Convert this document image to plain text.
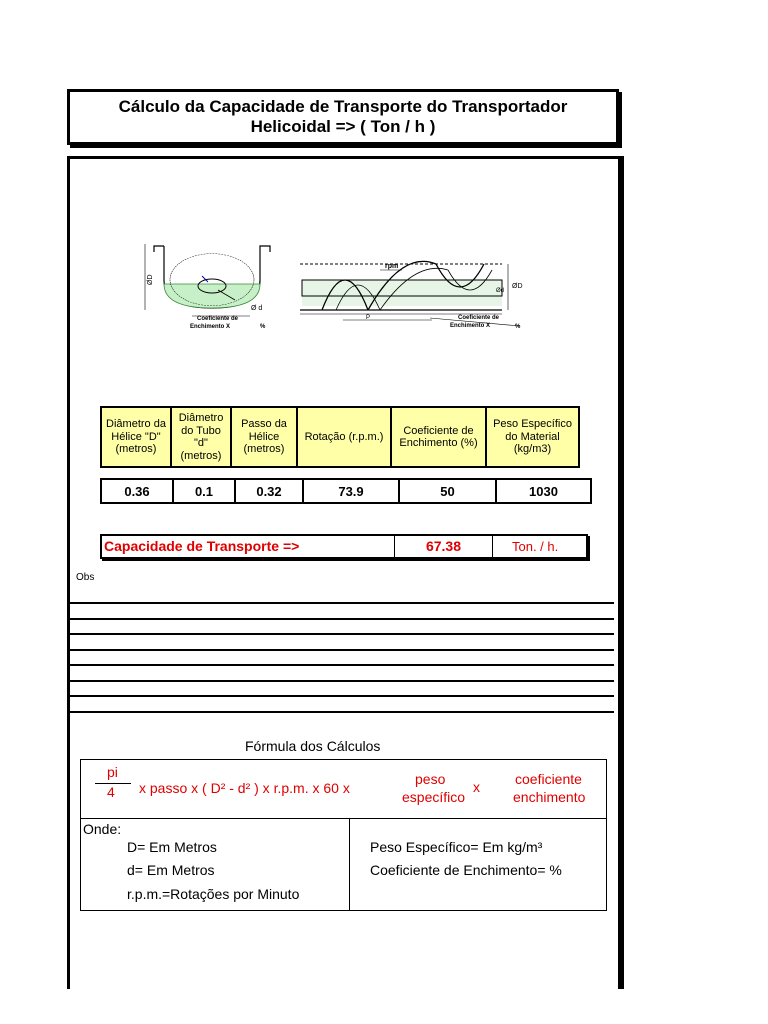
Cálculo da Capacidade de Transporte do Transportador
Helicoidal => ( Ton / h )
ØD
Ø d
Coeficiente de
Enchimento X	%
rpm
Ød
ØD
P	Coeficiente de
Enchimento X	%
Diâmetro da Hélice "D" (metros)	Diâmetro do Tubo "d" (metros)	Passo da Hélice (metros)	Rotação (r.p.m.)	Coeficiente de Enchimento (%)	Peso Específico do Material (kg/m3)
0.36	0.1	0.32	73.9	50	1030
Capacidade de Transporte =>	67.38	Ton. / h.
Obs
Fórmula dos Cálculos
pi
4 x passo x ( D² - d² ) x r.p.m. x 60 x
peso
específico
x	coeficiente
enchimento
Onde:
D= Em Metros
d= Em Metros
r.p.m.=Rotações por Minuto
Peso Específico= Em kg/m³
Coeficiente de Enchimento= %
